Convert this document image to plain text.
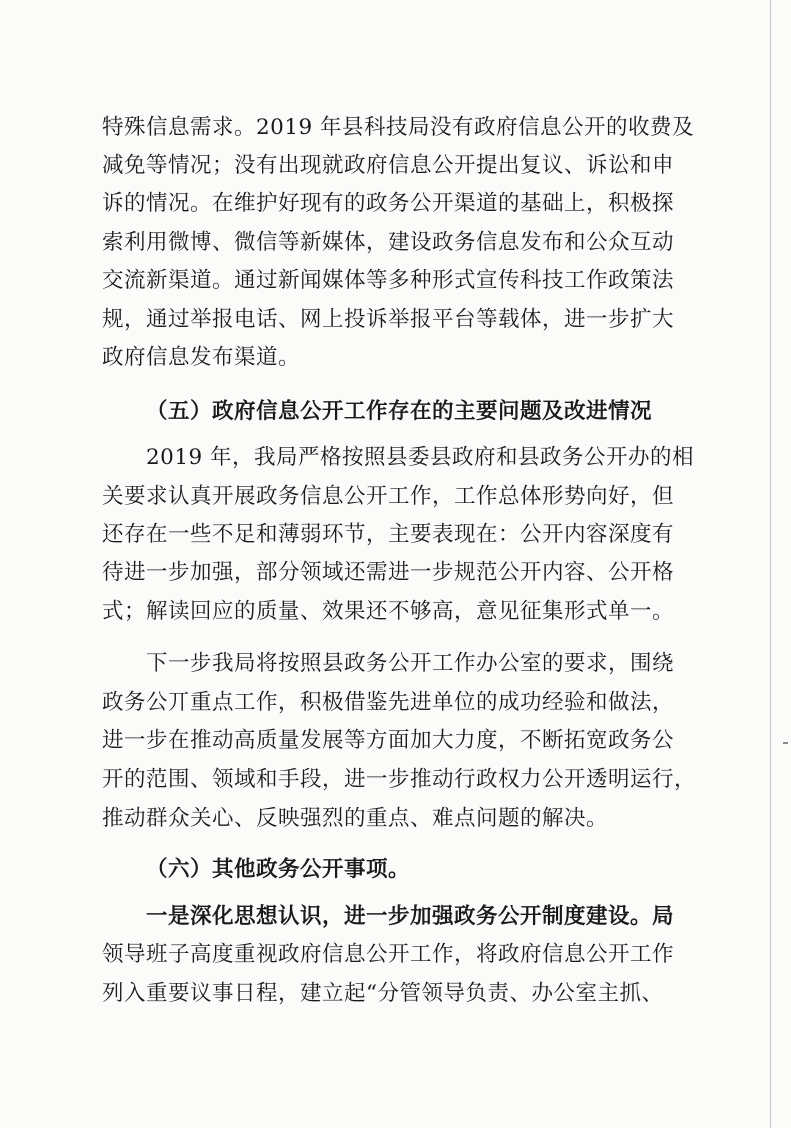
特殊信息需求。2019 年县科技局没有政府信息公开的收费及
减免等情况；没有出现就政府信息公开提出复议、诉讼和申
诉的情况。在维护好现有的政务公开渠道的基础上，积极探
索利用微博、微信等新媒体，建设政务信息发布和公众互动
交流新渠道。通过新闻媒体等多种形式宣传科技工作政策法
规，通过举报电话、网上投诉举报平台等载体，进一步扩大
政府信息发布渠道。
（五）政府信息公开工作存在的主要问题及改进情况
2019 年，我局严格按照县委县政府和县政务公开办的相
关要求认真开展政务信息公开工作，工作总体形势向好，但
还存在一些不足和薄弱环节，主要表现在：公开内容深度有
待进一步加强，部分领域还需进一步规范公开内容、公开格
式；解读回应的质量、效果还不够高，意见征集形式单一。
下一步我局将按照县政务公开工作办公室的要求，围绕
政务公丌重点工作，积极借鉴先进单位的成功经验和做法，
进一步在推动高质量发展等方面加大力度，不断拓宽政务公
开的范围、领域和手段，进一步推动行政权力公开透明运行，
推动群众关心、反映强烈的重点、难点问题的解决。
（六）其他政务公开事项。
一是深化思想认识，进一步加强政务公开制度建设。局
领导班子高度重视政府信息公开工作，将政府信息公开工作
列入重要议事日程，建立起“分管领导负责、办公室主抓、
